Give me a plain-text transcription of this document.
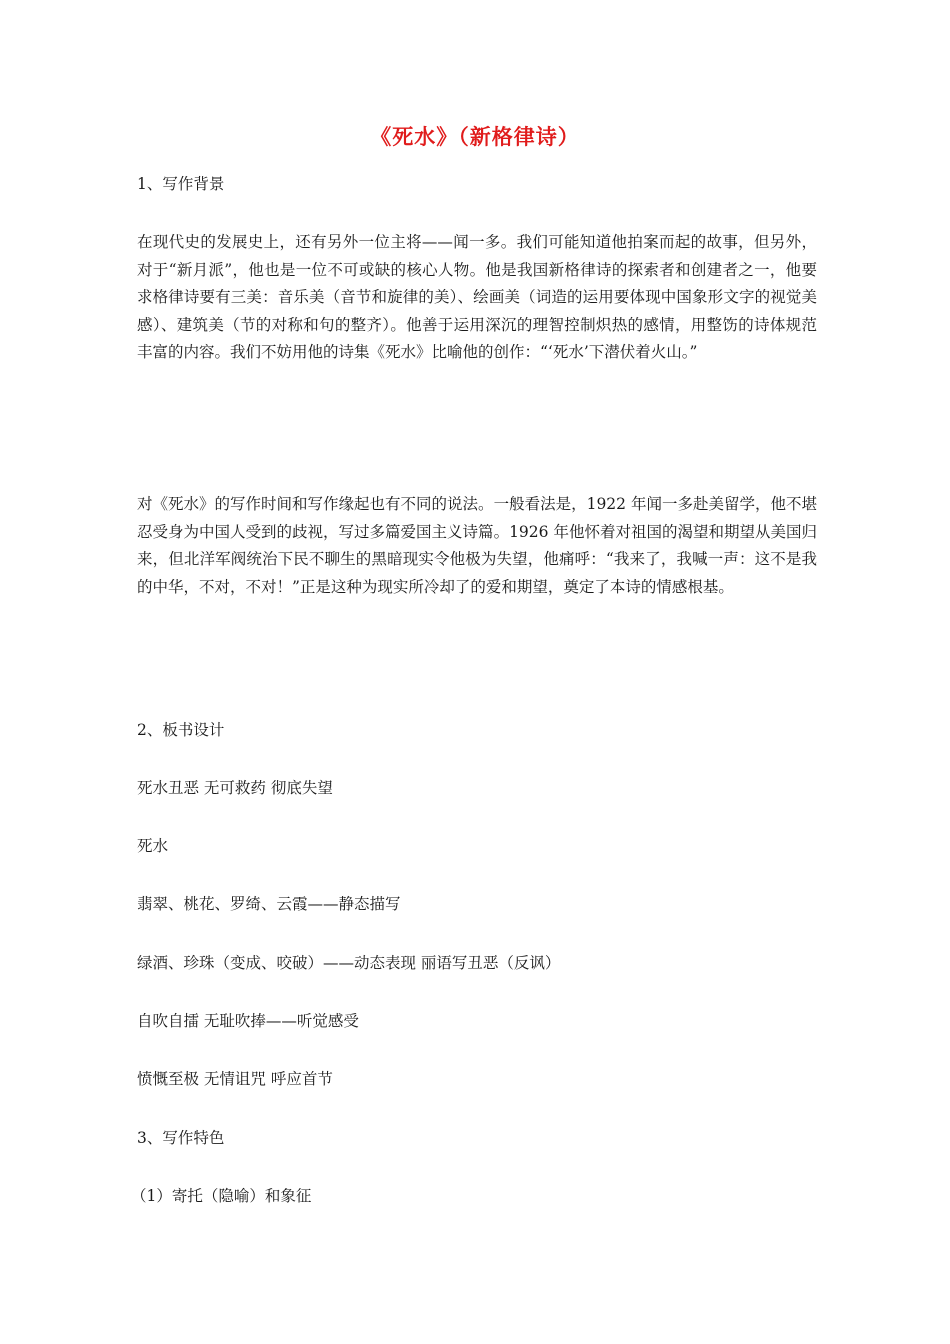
《死水》（新格律诗）
1、写作背景
在现代史的发展史上，还有另外一位主将——闻一多。我们可能知道他拍案而起的故事，但另外，对于“新月派”，他也是一位不可或缺的核心人物。他是我国新格律诗的探索者和创建者之一，他要求格律诗要有三美：音乐美（音节和旋律的美）、绘画美（词造的运用要体现中国象形文字的视觉美感）、建筑美（节的对称和句的整齐）。他善于运用深沉的理智控制炽热的感情，用整饬的诗体规范丰富的内容。我们不妨用他的诗集《死水》比喻他的创作：“‘死水’下潜伏着火山。”
对《死水》的写作时间和写作缘起也有不同的说法。一般看法是，1922 年闻一多赴美留学，他不堪忍受身为中国人受到的歧视，写过多篇爱国主义诗篇。1926 年他怀着对祖国的渴望和期望从美国归来，但北洋军阀统治下民不聊生的黑暗现实令他极为失望，他痛呼：“我来了，我喊一声：这不是我的中华，不对，不对！”正是这种为现实所冷却了的爱和期望，奠定了本诗的情感根基。
2、板书设计
死水丑恶 无可救药 彻底失望
死水
翡翠、桃花、罗绮、云霞——静态描写
绿酒、珍珠（变成、咬破）——动态表现 丽语写丑恶（反讽）
自吹自擂 无耻吹捧——听觉感受
愤慨至极 无情诅咒 呼应首节
3、写作特色
（1）寄托（隐喻）和象征
